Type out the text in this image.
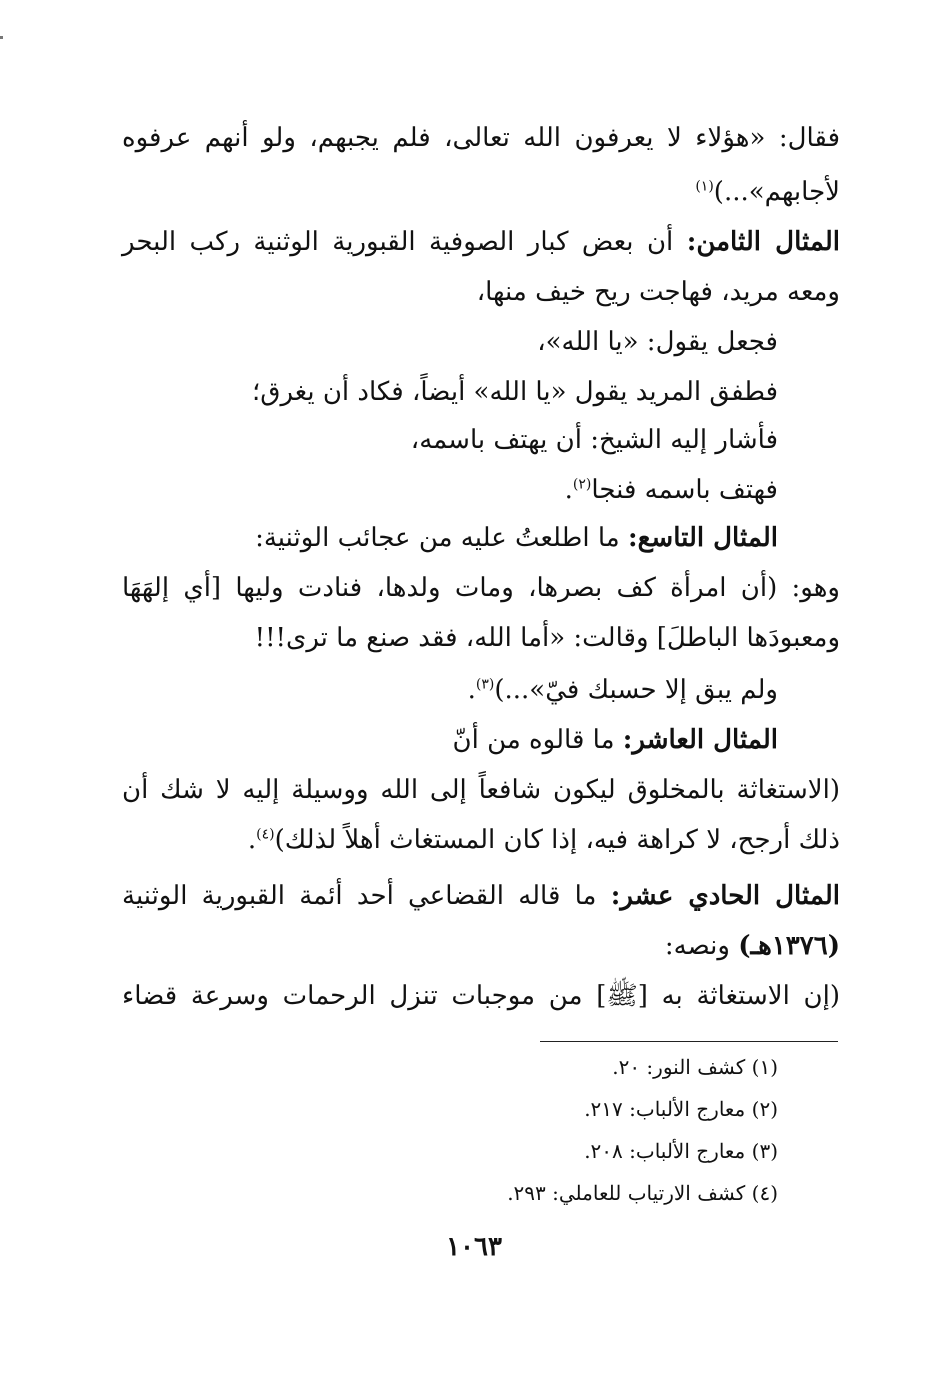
فقال: «هؤلاء لا يعرفون الله تعالى، فلم يجبهم، ولو أنهم عرفوه
لأجابهم»...)$^{(١)}$
المثال الثامن: أن بعض كبار الصوفية القبورية الوثنية ركب البحر
ومعه مريد، فهاجت ريح خيف منها،
فجعل يقول: «يا الله»،
فطفق المريد يقول «يا الله» أيضاً، فكاد أن يغرق؛
فأشار إليه الشيخ: أن يهتف باسمه،
فهتف باسمه فنجا$^{(٢)}$.
المثال التاسع: ما اطلعتُ عليه من عجائب الوثنية:
وهو: (أن امرأة كف بصرها، ومات ولدها، فنادت وليها [أي إلهَهَا
ومعبودَها الباطلَ] وقالت: «أما الله، فقد صنع ما ترى!!!
ولم يبق إلا حسبك فيّ»...)$^{(٣)}$.
المثال العاشر: ما قالوه من أنّ
(الاستغاثة بالمخلوق ليكون شافعاً إلى الله ووسيلة إليه لا شك أن
ذلك أرجح، لا كراهة فيه، إذا كان المستغاث أهلاً لذلك)$^{(٤)}$.
المثال الحادي عشر: ما قاله القضاعي أحد أئمة القبورية الوثنية
(١٣٧٦هـ) ونصه:
(إن الاستغاثة به [ﷺ] من موجبات تنزل الرحمات وسرعة قضاء
(١) كشف النور: ٢٠.
(٢) معارج الألباب: ٢١٧.
(٣) معارج الألباب: ٢٠٨.
(٤) كشف الارتياب للعاملي: ٢٩٣.
١٠٦٣
